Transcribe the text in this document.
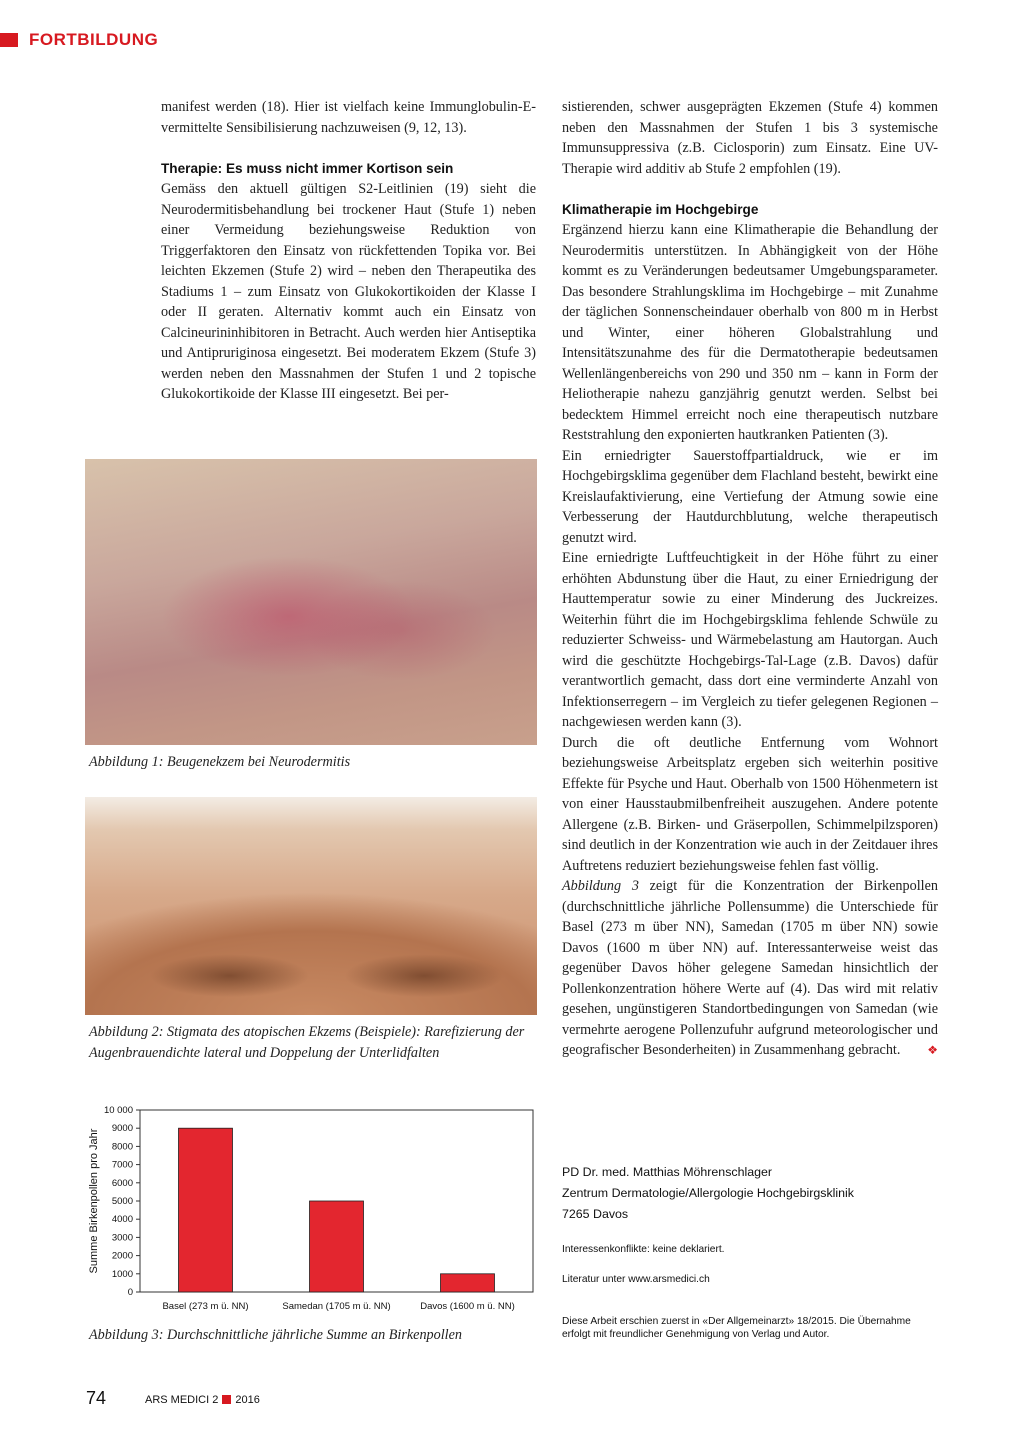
FORTBILDUNG

manifest werden (18). Hier ist vielfach keine Immunglobulin-E-vermittelte Sensibilisierung nachzuweisen (9, 12, 13).

Therapie: Es muss nicht immer Kortison sein

Gemäss den aktuell gültigen S2-Leitlinien (19) sieht die Neurodermitisbehandlung bei trockener Haut (Stufe 1) neben einer Vermeidung beziehungsweise Reduktion von Triggerfaktoren den Einsatz von rückfettenden Topika vor. Bei leichten Ekzemen (Stufe 2) wird – neben den Therapeutika des Stadiums 1 – zum Einsatz von Glukokortikoiden der Klasse I oder II geraten. Alternativ kommt auch ein Einsatz von Calcineurininhibitoren in Betracht. Auch werden hier Antiseptika und Antipruriginosa eingesetzt. Bei moderatem Ekzem (Stufe 3) werden neben den Massnahmen der Stufen 1 und 2 topische Glukokortikoide der Klasse III eingesetzt. Bei per-

sistierenden, schwer ausgeprägten Ekzemen (Stufe 4) kommen neben den Massnahmen der Stufen 1 bis 3 systemische Immunsuppressiva (z.B. Ciclosporin) zum Einsatz. Eine UV-Therapie wird additiv ab Stufe 2 empfohlen (19).

Klimatherapie im Hochgebirge

Ergänzend hierzu kann eine Klimatherapie die Behandlung der Neurodermitis unterstützen. In Abhängigkeit von der Höhe kommt es zu Veränderungen bedeutsamer Umgebungsparameter. Das besondere Strahlungsklima im Hochgebirge – mit Zunahme der täglichen Sonnenscheindauer oberhalb von 800 m in Herbst und Winter, einer höheren Globalstrahlung und Intensitätszunahme des für die Dermatotherapie bedeutsamen Wellenlängenbereichs von 290 und 350 nm – kann in Form der Heliotherapie nahezu ganzjährig genutzt werden. Selbst bei bedecktem Himmel erreicht noch eine therapeutisch nutzbare Reststrahlung den exponierten hautkranken Patienten (3).

Ein erniedrigter Sauerstoffpartialdruck, wie er im Hochgebirgsklima gegenüber dem Flachland besteht, bewirkt eine Kreislaufaktivierung, eine Vertiefung der Atmung sowie eine Verbesserung der Hautdurchblutung, welche therapeutisch genutzt wird.

Eine erniedrigte Luftfeuchtigkeit in der Höhe führt zu einer erhöhten Abdunstung über die Haut, zu einer Erniedrigung der Hauttemperatur sowie zu einer Minderung des Juckreizes. Weiterhin führt die im Hochgebirgsklima fehlende Schwüle zu reduzierter Schweiss- und Wärmebelastung am Hautorgan. Auch wird die geschützte Hochgebirgs-Tal-Lage (z.B. Davos) dafür verantwortlich gemacht, dass dort eine verminderte Anzahl von Infektionserregern – im Vergleich zu tiefer gelegenen Regionen – nachgewiesen werden kann (3).

Durch die oft deutliche Entfernung vom Wohnort beziehungsweise Arbeitsplatz ergeben sich weiterhin positive Effekte für Psyche und Haut. Oberhalb von 1500 Höhenmetern ist von einer Hausstaubmilbenfreiheit auszugehen. Andere potente Allergene (z.B. Birken- und Gräserpollen, Schimmelpilzsporen) sind deutlich in der Konzentration wie auch in der Zeitdauer ihres Auftretens reduziert beziehungsweise fehlen fast völlig.

Abbildung 3 zeigt für die Konzentration der Birkenpollen (durchschnittliche jährliche Pollensumme) die Unterschiede für Basel (273 m über NN), Samedan (1705 m über NN) sowie Davos (1600 m über NN) auf. Interessanterweise weist das gegenüber Davos höher gelegene Samedan hinsichtlich der Pollenkonzentration höhere Werte auf (4). Das wird mit relativ gesehen, ungünstigeren Standortbedingungen von Samedan (wie vermehrte aerogene Pollenzufuhr aufgrund meteorologischer und geografischer Besonderheiten) in Zusammenhang gebracht. ❖

Abbildung 1: Beugenekzem bei Neurodermitis
Abbildung 2: Stigmata des atopischen Ekzems (Beispiele): Rarefizierung der Augenbrauendichte lateral und Doppelung der Unterlidfalten
0
1000
2000
3000
4000
5000
6000
7000
8000
9000
10 000
Summe Birkenpollen pro Jahr
Basel (273 m ü. NN)	Samedan (1705 m ü. NN)	Davos (1600 m ü. NN)
Abbildung 3: Durchschnittliche jährliche Summe an Birkenpollen
PD Dr. med. Matthias Möhrenschlager
Zentrum Dermatologie/Allergologie Hochgebirgsklinik
7265 Davos
Interessenkonflikte: keine deklariert.
Literatur unter www.arsmedici.ch
Diese Arbeit erschien zuerst in «Der Allgemeinarzt» 18/2015. Die Übernahme erfolgt mit freundlicher Genehmigung von Verlag und Autor.
74	ARS MEDICI 2 2016
